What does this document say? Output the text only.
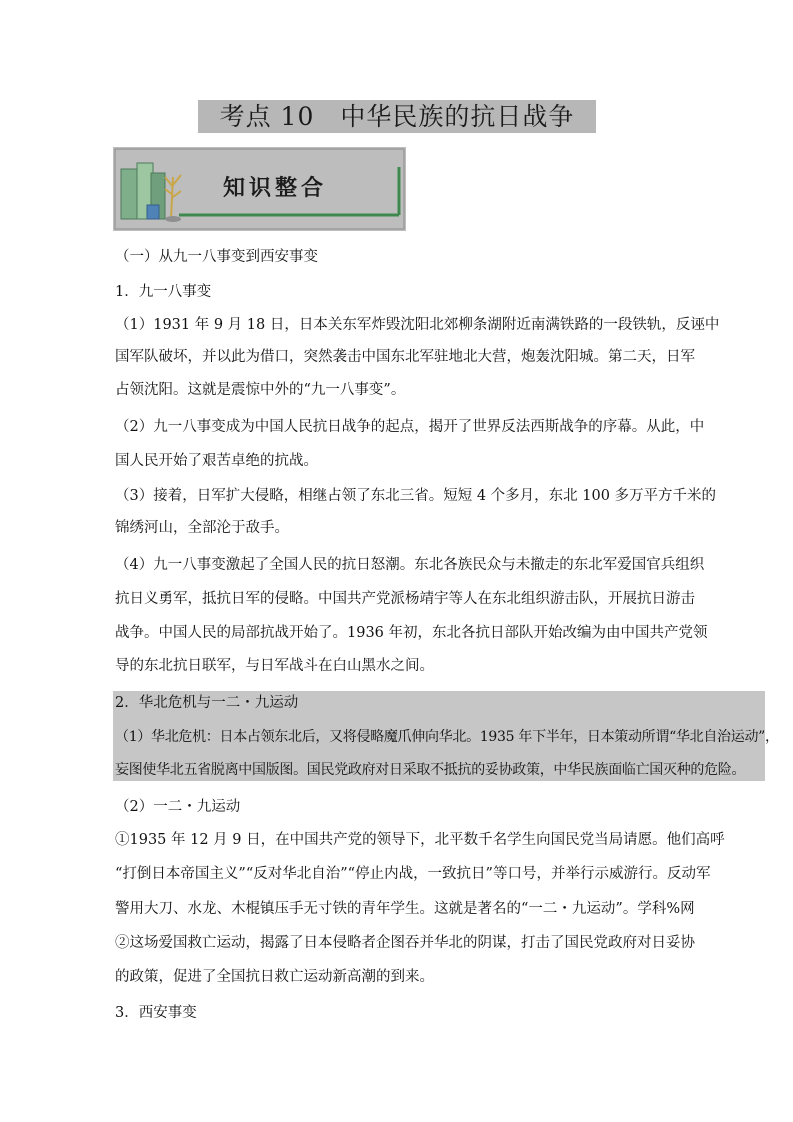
考点 10　中华民族的抗日战争
知识整合
（一）从九一八事变到西安事变
1．九一八事变
（1）1931 年 9 月 18 日，日本关东军炸毁沈阳北郊柳条湖附近南满铁路的一段铁轨，反诬中
国军队破坏，并以此为借口，突然袭击中国东北军驻地北大营，炮轰沈阳城。第二天，日军
占领沈阳。这就是震惊中外的“九一八事变”。
（2）九一八事变成为中国人民抗日战争的起点，揭开了世界反法西斯战争的序幕。从此，中
国人民开始了艰苦卓绝的抗战。
（3）接着，日军扩大侵略，相继占领了东北三省。短短 4 个多月，东北 100 多万平方千米的
锦绣河山，全部沦于敌手。
（4）九一八事变激起了全国人民的抗日怒潮。东北各族民众与未撤走的东北军爱国官兵组织
抗日义勇军，抵抗日军的侵略。中国共产党派杨靖宇等人在东北组织游击队，开展抗日游击
战争。中国人民的局部抗战开始了。1936 年初，东北各抗日部队开始改编为由中国共产党领
导的东北抗日联军，与日军战斗在白山黑水之间。
2．华北危机与一二・九运动
（1）华北危机：日本占领东北后，又将侵略魔爪伸向华北。1935 年下半年，日本策动所谓“华北自治运动”，
妄图使华北五省脱离中国版图。国民党政府对日采取不抵抗的妥协政策，中华民族面临亡国灭种的危险。
（2）一二・九运动
①1935 年 12 月 9 日，在中国共产党的领导下，北平数千名学生向国民党当局请愿。他们高呼
“打倒日本帝国主义”“反对华北自治”“停止内战，一致抗日”等口号，并举行示威游行。反动军
警用大刀、水龙、木棍镇压手无寸铁的青年学生。这就是著名的“一二・九运动”。学科%网
②这场爱国救亡运动，揭露了日本侵略者企图吞并华北的阴谋，打击了国民党政府对日妥协
的政策，促进了全国抗日救亡运动新高潮的到来。
3．西安事变
